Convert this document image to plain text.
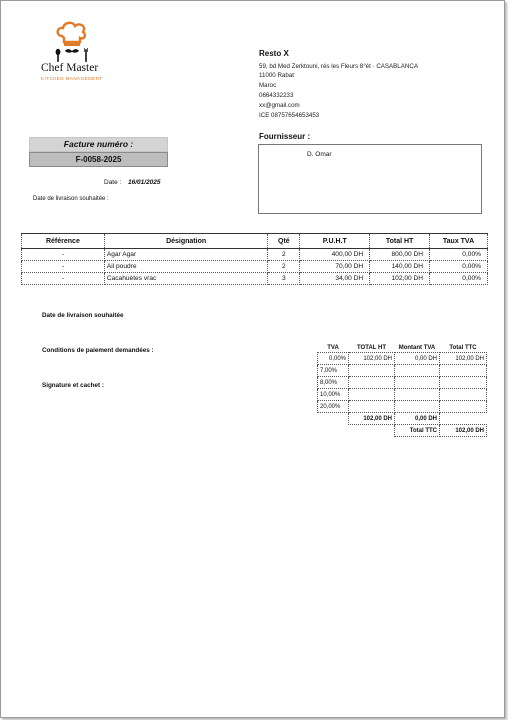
Chef Master
KITCHEN MANAGEMENT
Resto X
59, bd Med Zerktouni, rés les Fleurs 8°ét · CASABLANCA
11000 Rabat
Maroc
0664332233
xx@gmail.com
ICE 08757654653453
Facture numéro :
F-0058-2025
Date : 16/01/2025
Date de livraison souhaitée :
Fournisseur :
D. Omar
Référence	Désignation	Qté	P.U.H.T	Total HT	Taux TVA
-	Agar Agar	2	400,00 DH	800,00 DH	0,00%
-	Ail poudre	2	70,00 DH	140,00 DH	0,00%
-	Cacahuètes vrac	3	34,00 DH	102,00 DH	0,00%
Date de livraison souhaitée
Conditions de paiement demandées :
Signature et cachet :
TVA	TOTAL HT	Montant TVA	Total TTC
0,00%	102,00 DH	0,00 DH	102,00 DH
7,00%			
8,00%			
10,00%			
20,00%			
	102,00 DH	0,00 DH	
		Total TTC	102,00 DH
